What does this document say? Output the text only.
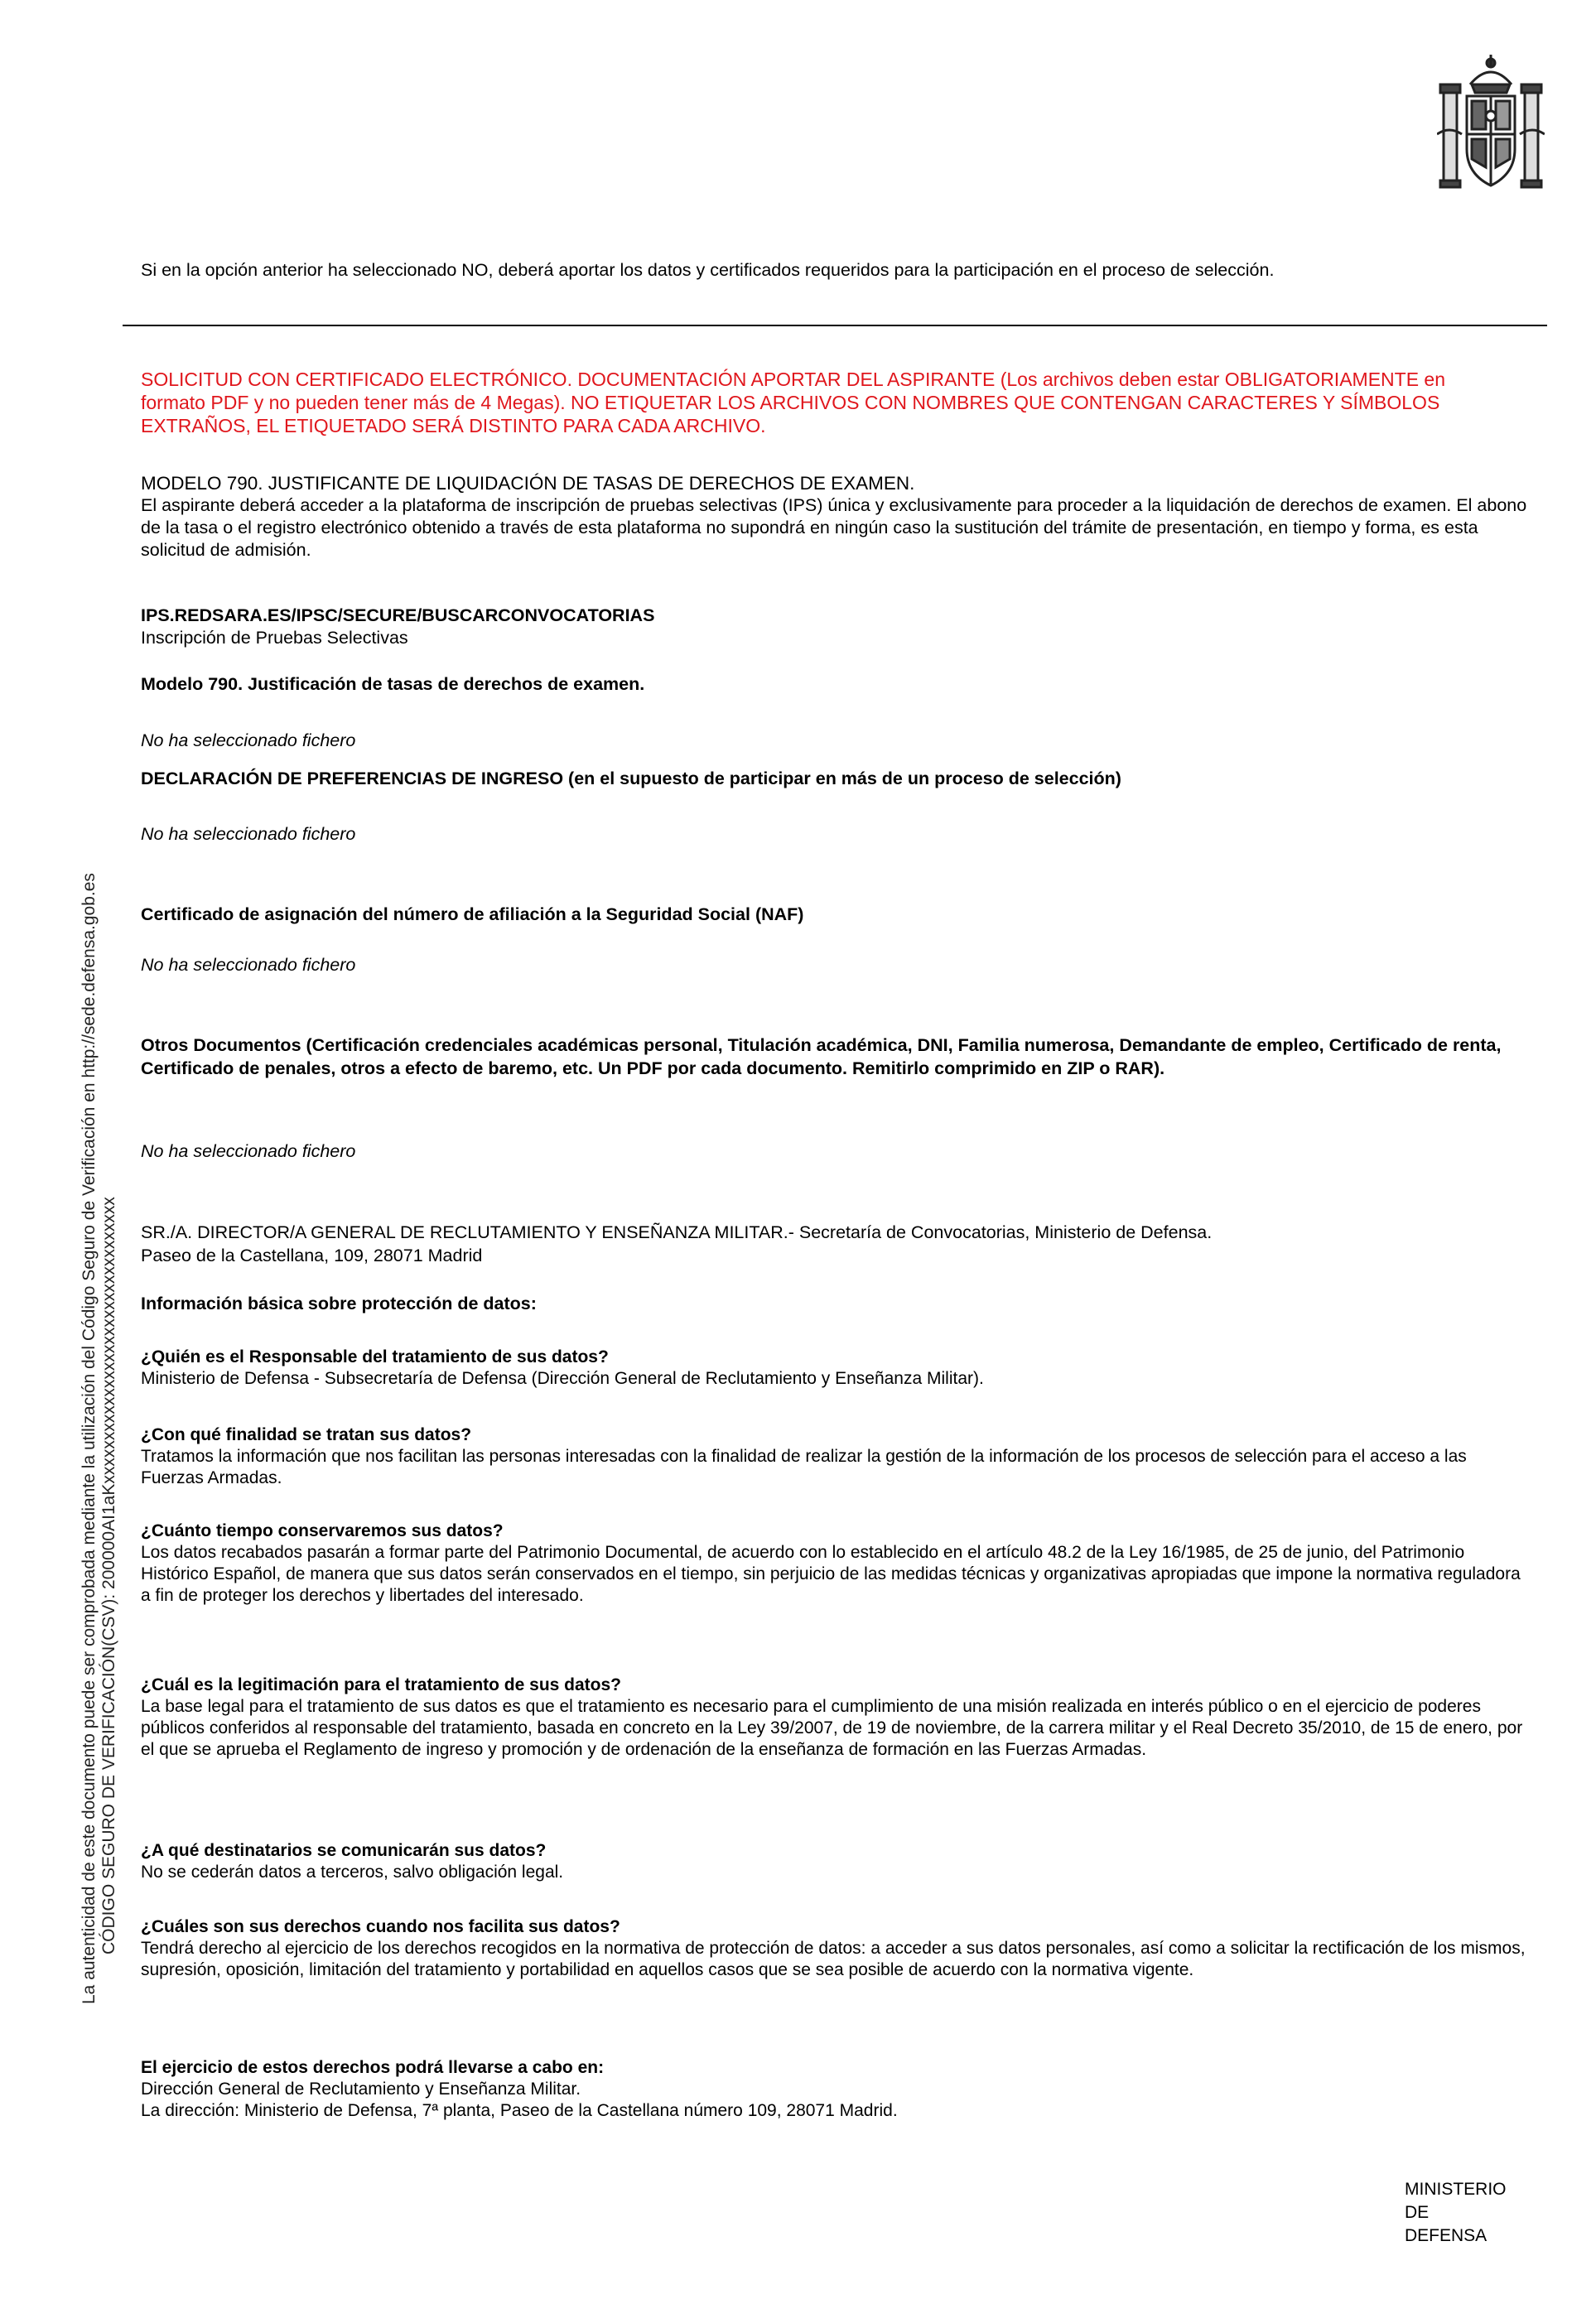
La autenticidad de este documento puede ser comprobada mediante la utilización del Código Seguro de Verificación en http://sede.defensa.gob.es CÓDIGO SEGURO DE VERIFICACIÓN(CSV): 200000AI1aKxxxxxxxxxxxxxxxxxxxxxxxxxxxxxxxxx

Si en la opción anterior ha seleccionado NO, deberá aportar los datos y certificados requeridos para la participación en el proceso de selección.

SOLICITUD CON CERTIFICADO ELECTRÓNICO. DOCUMENTACIÓN APORTAR DEL ASPIRANTE (Los archivos deben estar OBLIGATORIAMENTE en formato PDF y no pueden tener más de 4 Megas). NO ETIQUETAR LOS ARCHIVOS CON NOMBRES QUE CONTENGAN CARACTERES Y SÍMBOLOS EXTRAÑOS, EL ETIQUETADO SERÁ DISTINTO PARA CADA ARCHIVO.

MODELO 790. JUSTIFICANTE DE LIQUIDACIÓN DE TASAS DE DERECHOS DE EXAMEN.

El aspirante deberá acceder a la plataforma de inscripción de pruebas selectivas (IPS) única y exclusivamente para proceder a la liquidación de derechos de examen. El abono de la tasa o el registro electrónico obtenido a través de esta plataforma no supondrá en ningún caso la sustitución del trámite de presentación, en tiempo y forma, es esta solicitud de admisión.

IPS.REDSARA.ES/IPSC/SECURE/BUSCARCONVOCATORIAS

Inscripción de Pruebas Selectivas

Modelo 790. Justificación de tasas de derechos de examen.

No ha seleccionado fichero

DECLARACIÓN DE PREFERENCIAS DE INGRESO (en el supuesto de participar en más de un proceso de selección)

No ha seleccionado fichero

Certificado de asignación del número de afiliación a la Seguridad Social (NAF)

No ha seleccionado fichero

Otros Documentos (Certificación credenciales académicas personal, Titulación académica, DNI, Familia numerosa, Demandante de empleo, Certificado de renta, Certificado de penales, otros a efecto de baremo, etc. Un PDF por cada documento. Remitirlo comprimido en ZIP o RAR).

No ha seleccionado fichero

SR./A. DIRECTOR/A GENERAL DE RECLUTAMIENTO Y ENSEÑANZA MILITAR.- Secretaría de Convocatorias, Ministerio de Defensa.

Paseo de la Castellana, 109, 28071 Madrid

Información básica sobre protección de datos:

¿Quién es el Responsable del tratamiento de sus datos?

Ministerio de Defensa - Subsecretaría de Defensa (Dirección General de Reclutamiento y Enseñanza Militar).

¿Con qué finalidad se tratan sus datos?

Tratamos la información que nos facilitan las personas interesadas con la finalidad de realizar la gestión de la información de los procesos de selección para el acceso a las Fuerzas Armadas.

¿Cuánto tiempo conservaremos sus datos?

Los datos recabados pasarán a formar parte del Patrimonio Documental, de acuerdo con lo establecido en el artículo 48.2 de la Ley 16/1985, de 25 de junio, del Patrimonio Histórico Español, de manera que sus datos serán conservados en el tiempo, sin perjuicio de las medidas técnicas y organizativas apropiadas que impone la normativa reguladora a fin de proteger los derechos y libertades del interesado.

¿Cuál es la legitimación para el tratamiento de sus datos?

La base legal para el tratamiento de sus datos es que el tratamiento es necesario para el cumplimiento de una misión realizada en interés público o en el ejercicio de poderes públicos conferidos al responsable del tratamiento, basada en concreto en la Ley 39/2007, de 19 de noviembre, de la carrera militar y el Real Decreto 35/2010, de 15 de enero, por el que se aprueba el Reglamento de ingreso y promoción y de ordenación de la enseñanza de formación en las Fuerzas Armadas.

¿A qué destinatarios se comunicarán sus datos?

No se cederán datos a terceros, salvo obligación legal.

¿Cuáles son sus derechos cuando nos facilita sus datos?

Tendrá derecho al ejercicio de los derechos recogidos en la normativa de protección de datos: a acceder a sus datos personales, así como a solicitar la rectificación de los mismos, supresión, oposición, limitación del tratamiento y portabilidad en aquellos casos que se sea posible de acuerdo con la normativa vigente.

El ejercicio de estos derechos podrá llevarse a cabo en:

Dirección General de Reclutamiento y Enseñanza Militar.

La dirección: Ministerio de Defensa, 7ª planta, Paseo de la Castellana número 109, 28071 Madrid.

MINISTERIO
DE
DEFENSA
